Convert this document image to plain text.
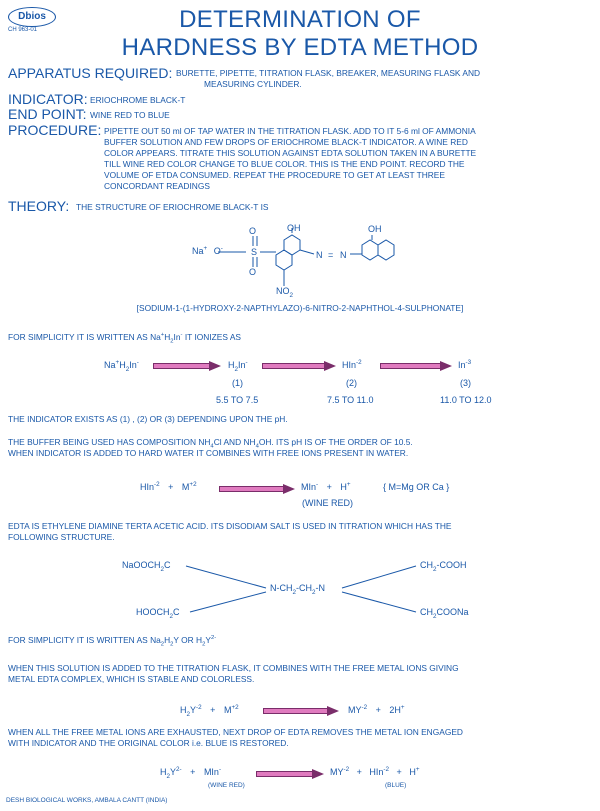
Dbios
CH 963-01	DETERMINATION OF
HARDNESS BY EDTA METHOD
APPARATUS REQUIRED: BURETTE, PIPETTE, TITRATION FLASK, BREAKER, MEASURING FLASK AND
MEASURING CYLINDER.
INDICATOR: ERIOCHROME BLACK-T
END POINT: WINE RED TO BLUE
PROCEDURE: PIPETTE OUT 50 ml OF TAP WATER IN THE TITRATION FLASK. ADD TO IT 5-6 ml OF AMMONIA
BUFFER SOLUTION AND FEW DROPS OF ERIOCHROME BLACK-T INDICATOR. A WINE RED
COLOR APPEARS. TITRATE THIS SOLUTION AGAINST EDTA SOLUTION TAKEN IN A BURETTE
TILL WINE RED COLOR CHANGE TO BLUE COLOR. THIS IS THE END POINT. RECORD THE
VOLUME OF ETDA CONSUMED. REPEAT THE PROCEDURE TO GET AT LEAST THREE
CONCORDANT READINGS
THEORY: THE STRUCTURE OF ERIOCHROME BLACK-T IS
Na+ O-
O
S
O
OH
N = N
OH
$NO_2$
[SODIUM-1-(1-HYDROXY-2-NAPTHYLAZO)-6-NITRO-2-NAPHTHOL-4-SULPHONATE]
FOR SIMPLICITY IT IS WRITTEN AS $Na^+H_2In^-$ IT IONIZES AS
$Na^+H_2In^-$	$H_2In^-$
(1)
5.5 TO 7.5
HIn$^{-2}$
(2)
7.5 TO 11.0
$In^{-3}$
(3)
11.0 TO 12.0
THE INDICATOR EXISTS AS (1) , (2) OR (3) DEPENDING UPON THE pH.
THE BUFFER BEING USED HAS COMPOSITION $NH_4Cl$ AND $NH_4OH$. ITS pH IS OF THE ORDER OF 10.5.
WHEN INDICATOR IS ADDED TO HARD WATER IT COMBINES WITH FREE IONS PRESENT IN WATER.
$HIn^{-2} + M^{+2}$	MIn- + H+	{ M=Mg OR Ca }
(WINE RED)
EDTA IS ETHYLENE DIAMINE TERTA ACETIC ACID. ITS DISODIAM SALT IS USED IN TITRATION WHICH HAS THE
FOLLOWING STRUCTURE.
NaOOCH$_2$C
$HOOCH_2C$
$CH_2$-COOH
$CH_2COONa$
$N-CH_2-CH_2-N$
FOR SIMPLICITY IT IS WRITTEN AS $Na_2H_2Y$ OR $H_2Y^{2-}$
WHEN THIS SOLUTION IS ADDED TO THE TITRATION FLASK, IT COMBINES WITH THE FREE METAL IONS GIVING
METAL EDTA COMPLEX, WHICH IS STABLE AND COLORLESS.
$H_2Y^{-2} + M^{+2}$	$MY^{-2} + 2H^+$
WHEN ALL THE FREE METAL IONS ARE EXHAUSTED, NEXT DROP OF EDTA REMOVES THE METAL ION ENGAGED
WITH INDICATOR AND THE ORIGINAL COLOR i.e. BLUE IS RESTORED.
$H_2Y^{2-} + MIn^-$
(WINE RED)
$MY^{-2} + HIn^{-2} + H^+$
(BLUE)
DESH BIOLOGICAL WORKS, AMBALA CANTT (INDIA)
